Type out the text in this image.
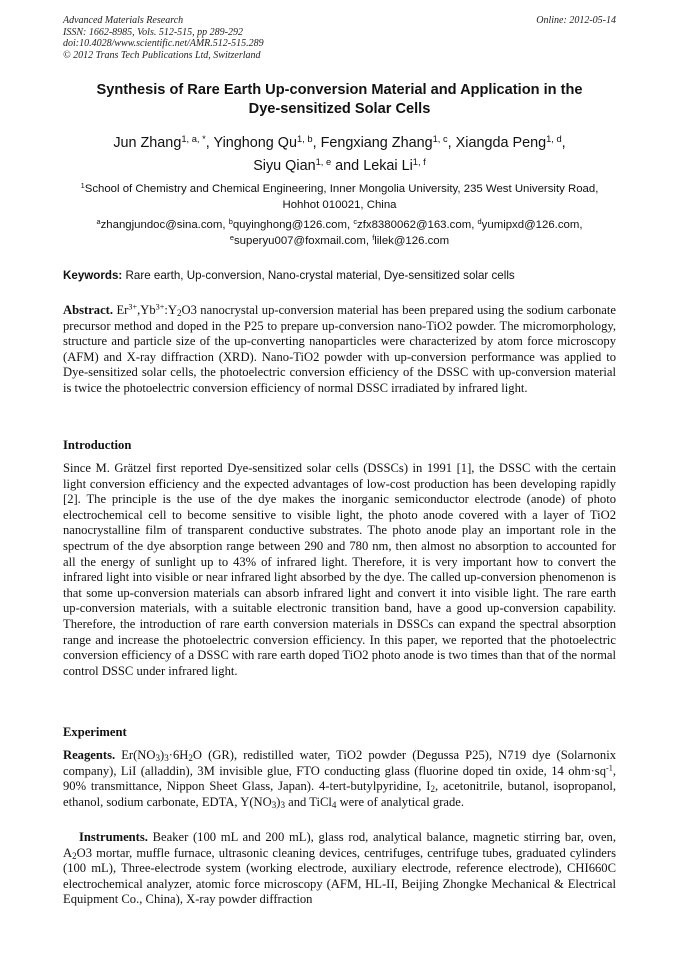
Advanced Materials Research
ISSN: 1662-8985, Vols. 512-515, pp 289-292
doi:10.4028/www.scientific.net/AMR.512-515.289
© 2012 Trans Tech Publications Ltd, Switzerland
Online: 2012-05-14
Synthesis of Rare Earth Up-conversion Material and Application in the
Dye-sensitized Solar Cells
Jun Zhang$^{1, a, *}$, Yinghong Qu$^{1, b}$, Fengxiang Zhang$^{1, c}$, Xiangda Peng$^{1, d}$,
Siyu Qian$^{1, e}$ and Lekai Li$^{1, f}$
$^1$School of Chemistry and Chemical Engineering, Inner Mongolia University, 235 West University Road, Hohhot 010021, China
$^a$zhangjundoc@sina.com, $^b$quyinghong@126.com, $^c$zfx8380062@163.com, $^d$yumipxd@126.com,
$^e$superyu007@foxmail.com, $^f$lilek@126.com
Keywords: Rare earth, Up-conversion, Nano-crystal material, Dye-sensitized solar cells

Abstract. $Er^{3+},Yb^{3+}:Y_2O3$ nanocrystal up-conversion material has been prepared using the sodium carbonate precursor method and doped in the P25 to prepare up-conversion nano-TiO2 powder. The micromorphology, structure and particle size of the up-converting nanoparticles were characterized by atom force microscopy (AFM) and X-ray diffraction (XRD). Nano-TiO2 powder with up-conversion performance was applied to Dye-sensitized solar cells, the photoelectric conversion efficiency of the DSSC with up-conversion material is twice the photoelectric conversion efficiency of normal DSSC irradiated by infrared light.

Introduction

Since M. Grätzel first reported Dye-sensitized solar cells (DSSCs) in 1991 [1], the DSSC with the certain light conversion efficiency and the expected advantages of low-cost production has been developing rapidly [2]. The principle is the use of the dye makes the inorganic semiconductor electrode (anode) of photo electrochemical cell to become sensitive to visible light, the photo anode covered with a layer of TiO2 nanocrystalline film of transparent conductive substrates. The photo anode play an important role in the spectrum of the dye absorption range between 290 and 780 nm, then almost no absorption to accounted for all the energy of sunlight up to 43% of infrared light. Therefore, it is very important how to convert the infrared light into visible or near infrared light absorbed by the dye. The called up-conversion phenomenon is that some up-conversion materials can absorb infrared light and convert it into visible light. The rare earth up-conversion materials, with a suitable electronic transition band, have a good up-conversion capability. Therefore, the introduction of rare earth conversion materials in DSSCs can expand the spectral absorption range and increase the photoelectric conversion efficiency. In this paper, we reported that the photoelectric conversion efficiency of a DSSC with rare earth doped TiO2 photo anode is two times than that of the normal control DSSC under infrared light.

Experiment

Reagents. $Er(NO_3)_3\cdot 6H_2O$ (GR), redistilled water, TiO2 powder (Degussa P25), N719 dye (Solarnonix company), LiI (alladdin), 3M invisible glue, FTO conducting glass (fluorine doped tin oxide, 14 $ohm\cdot sq^{-1}$, 90% transmittance, Nippon Sheet Glass, Japan). 4-tert-butylpyridine, $I_2$, acetonitrile, butanol, isopropanol, ethanol, sodium carbonate, EDTA, $Y(NO_3)_3$ and TiCl$_4$ were of analytical grade.

Instruments. Beaker (100 mL and 200 mL), glass rod, analytical balance, magnetic stirring bar, oven, $A_2O3$ mortar, muffle furnace, ultrasonic cleaning devices, centrifuges, centrifuge tubes, graduated cylinders (100 mL), Three-electrode system (working electrode, auxiliary electrode, reference electrode), CHI660C electrochemical analyzer, atomic force microscopy (AFM, HL-II, Beijing Zhongke Mechanical & Electrical Equipment Co., China), X-ray powder diffraction
